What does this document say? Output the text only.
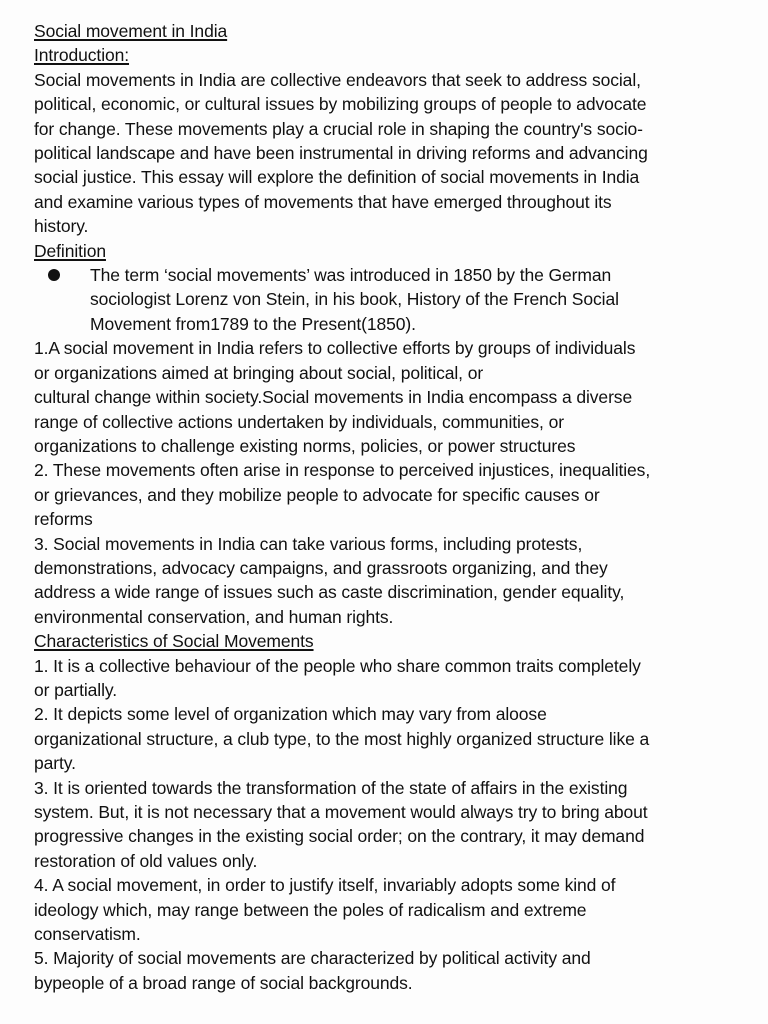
Social movement in India
Introduction:
Social movements in India are collective endeavors that seek to address social,
political, economic, or cultural issues by mobilizing groups of people to advocate
for change. These movements play a crucial role in shaping the country's socio-
political landscape and have been instrumental in driving reforms and advancing
social justice. This essay will explore the definition of social movements in India
and examine various types of movements that have emerged throughout its
history.
Definition
The term ‘social movements’ was introduced in 1850 by the German
sociologist Lorenz von Stein, in his book, History of the French Social
Movement from1789 to the Present(1850).
1.A social movement in India refers to collective efforts by groups of individuals
or organizations aimed at bringing about social, political, or
cultural change within society.Social movements in India encompass a diverse
range of collective actions undertaken by individuals, communities, or
organizations to challenge existing norms, policies, or power structures
2. These movements often arise in response to perceived injustices, inequalities,
or grievances, and they mobilize people to advocate for specific causes or
reforms
3. Social movements in India can take various forms, including protests,
demonstrations, advocacy campaigns, and grassroots organizing, and they
address a wide range of issues such as caste discrimination, gender equality,
environmental conservation, and human rights.
Characteristics of Social Movements
1. It is a collective behaviour of the people who share common traits completely
or partially.
2. It depicts some level of organization which may vary from aloose
organizational structure, a club type, to the most highly organized structure like a
party.
3. It is oriented towards the transformation of the state of affairs in the existing
system. But, it is not necessary that a movement would always try to bring about
progressive changes in the existing social order; on the contrary, it may demand
restoration of old values only.
4. A social movement, in order to justify itself, invariably adopts some kind of
ideology which, may range between the poles of radicalism and extreme
conservatism.
5. Majority of social movements are characterized by political activity and
bypeople of a broad range of social backgrounds.
